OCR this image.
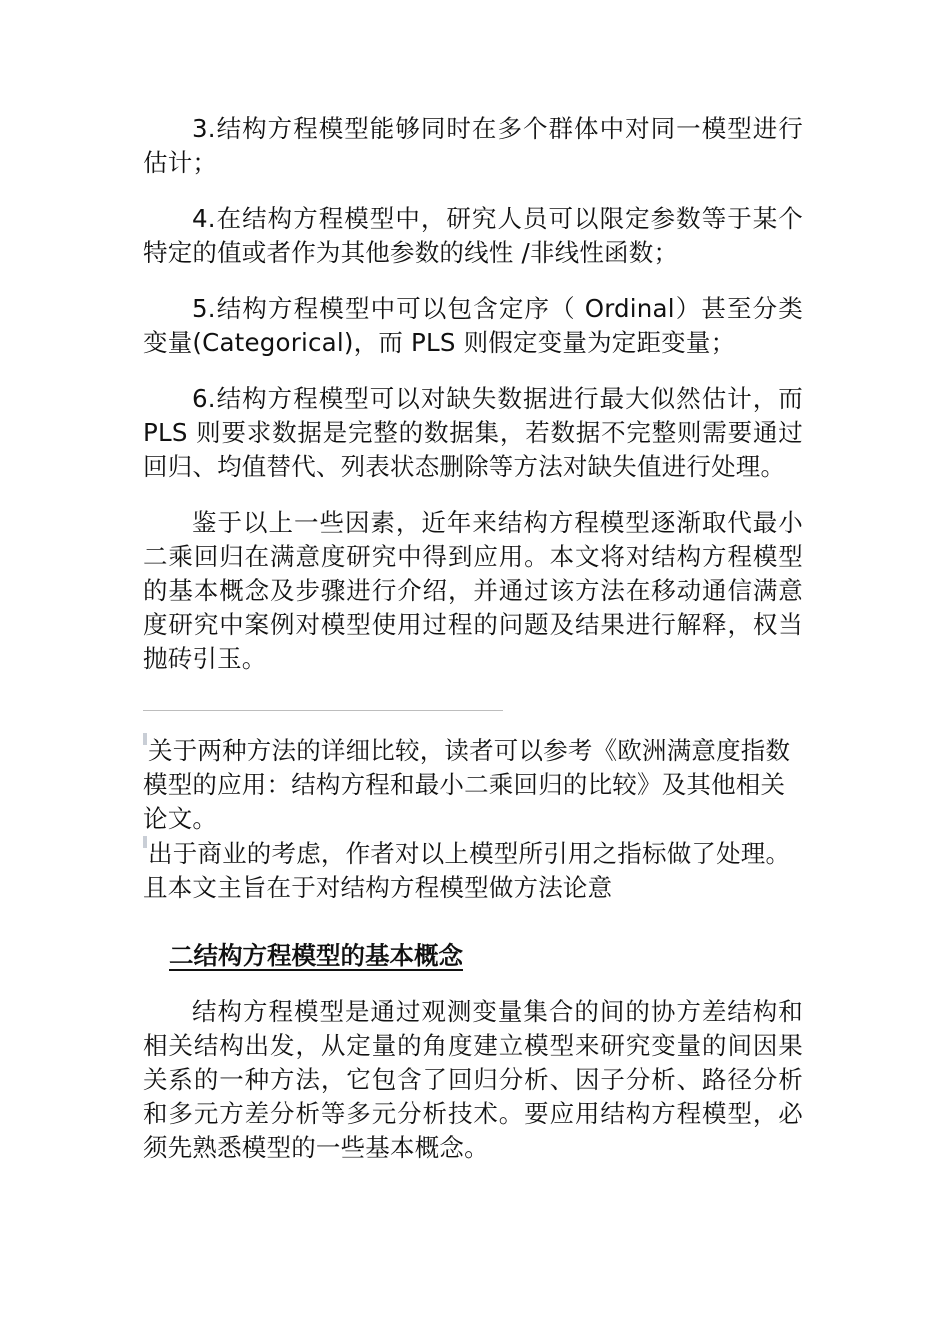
3.结构方程模型能够同时在多个群体中对同一模型进行估计；

4.在结构方程模型中，研究人员可以限定参数等于某个特定的值或者作为其他参数的线性 /非线性函数；

5.结构方程模型中可以包含定序（ Ordinal）甚至分类变量(Categorical)，而 PLS 则假定变量为定距变量；

6.结构方程模型可以对缺失数据进行最大似然估计，而 PLS 则要求数据是完整的数据集，若数据不完整则需要通过回归、均值替代、列表状态删除等方法对缺失值进行处理。

鉴于以上一些因素，近年来结构方程模型逐渐取代最小二乘回归在满意度研究中得到应用。本文将对结构方程模型的基本概念及步骤进行介绍，并通过该方法在移动通信满意度研究中案例对模型使用过程的问题及结果进行解释，权当抛砖引玉。

关于两种方法的详细比较，读者可以参考《欧洲满意度指数模型的应用：结构方程和最小二乘回归的比较》及其他相关论文。

出于商业的考虑，作者对以上模型所引用之指标做了处理。且本文主旨在于对结构方程模型做方法论意

二结构方程模型的基本概念

结构方程模型是通过观测变量集合的间的协方差结构和相关结构出发，从定量的角度建立模型来研究变量的间因果关系的一种方法，它包含了回归分析、因子分析、路径分析和多元方差分析等多元分析技术。要应用结构方程模型，必须先熟悉模型的一些基本概念。
